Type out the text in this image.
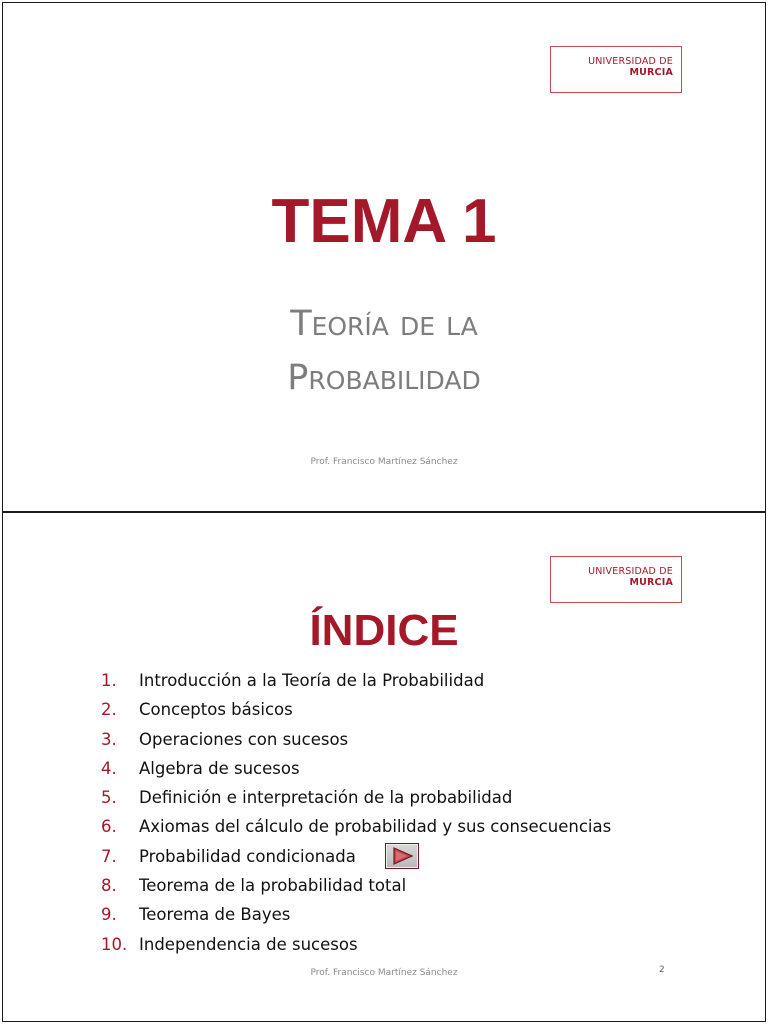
UNIVERSIDAD DE
MURCIA
TEMA 1
Teoría de la
Probabilidad
Prof. Francisco Martínez Sánchez
UNIVERSIDAD DE
MURCIA
ÍNDICE
1. Introducción a la Teoría de la Probabilidad
2. Conceptos básicos
3. Operaciones con sucesos
4. Algebra de sucesos
5. Definición e interpretación de la probabilidad
6. Axiomas del cálculo de probabilidad y sus consecuencias
7. Probabilidad condicionada
8. Teorema de la probabilidad total
9. Teorema de Bayes
10. Independencia de sucesos
Prof. Francisco Martínez Sánchez	2
